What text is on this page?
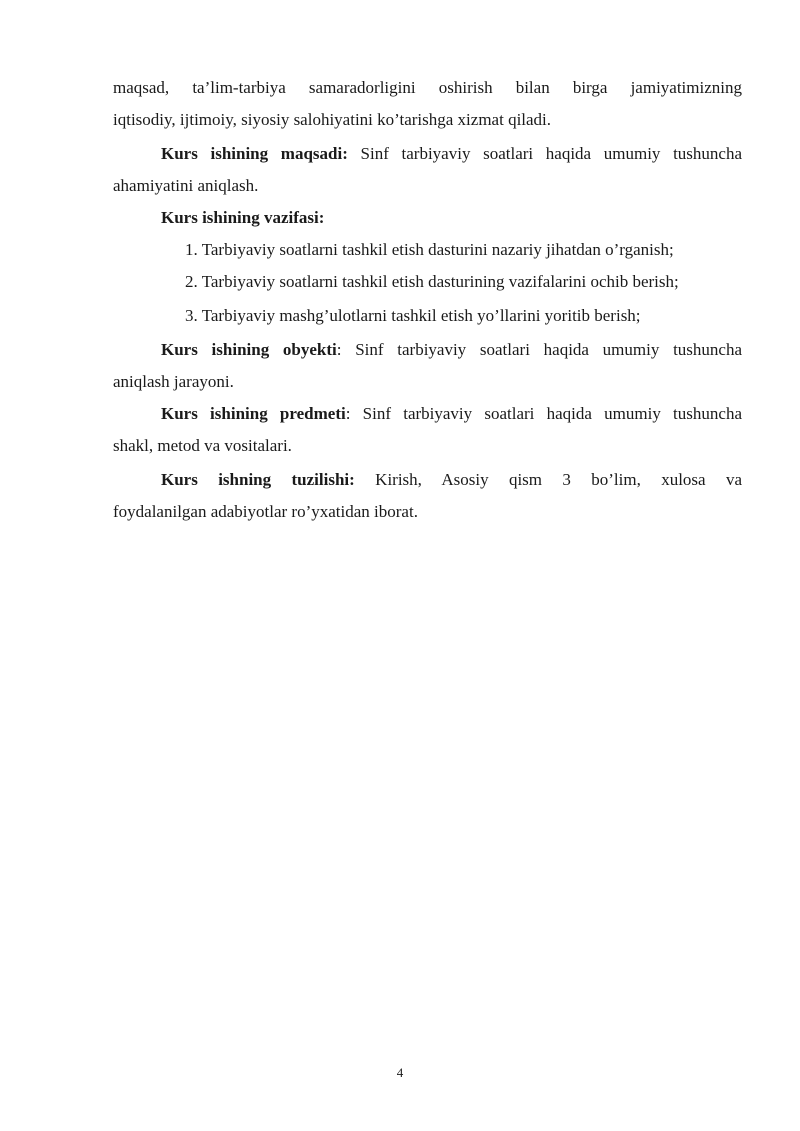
maqsad, ta’lim-tarbiya samaradorligini oshirish bilan birga jamiyatimizning
iqtisodiy, ijtimoiy, siyosiy salohiyatini ko’tarishga xizmat qiladi.
Kurs ishining maqsadi: Sinf tarbiyaviy soatlari haqida umumiy tushuncha
ahamiyatini aniqlash.
Kurs ishining vazifasi:
1. Tarbiyaviy soatlarni tashkil etish dasturini nazariy jihatdan o’rganish;
2. Tarbiyaviy soatlarni tashkil etish dasturining vazifalarini ochib berish;
3. Tarbiyaviy mashg’ulotlarni tashkil etish yo’llarini yoritib berish;
Kurs ishining obyekti: Sinf tarbiyaviy soatlari haqida umumiy tushuncha
aniqlash jarayoni.
Kurs ishining predmeti: Sinf tarbiyaviy soatlari haqida umumiy tushuncha
shakl, metod va vositalari.
Kurs ishning tuzilishi: Kirish, Asosiy qism 3 bo’lim, xulosa va
foydalanilgan adabiyotlar ro’yxatidan iborat.
4
